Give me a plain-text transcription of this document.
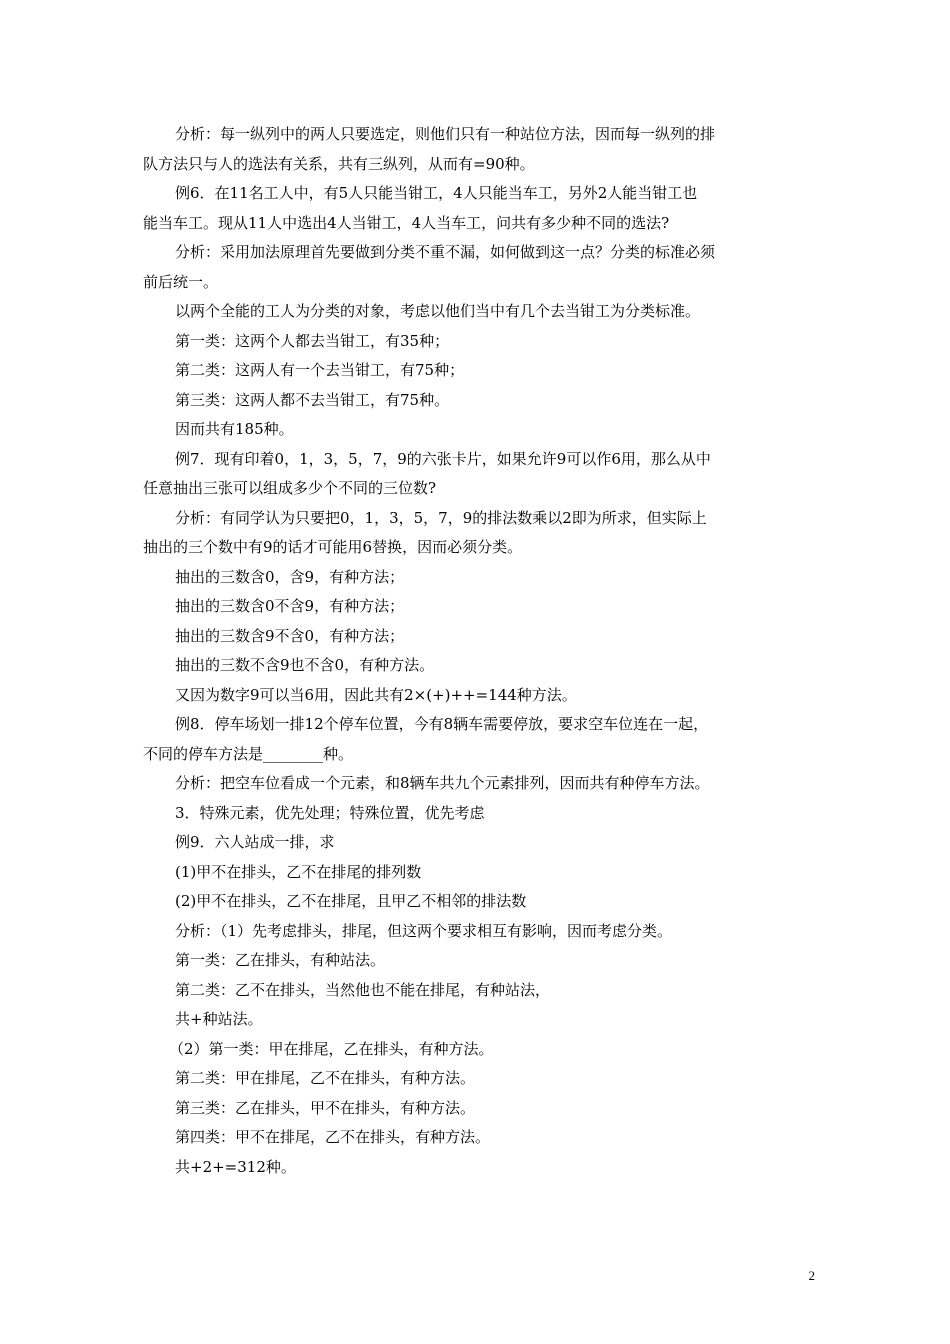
分析：每一纵列中的两人只要选定，则他们只有一种站位方法，因而每一纵列的排

队方法只与人的选法有关系，共有三纵列，从而有=90种。

例6．在11名工人中，有5人只能当钳工，4人只能当车工，另外2人能当钳工也

能当车工。现从11人中选出4人当钳工，4人当车工，问共有多少种不同的选法?

分析：采用加法原理首先要做到分类不重不漏，如何做到这一点？分类的标准必须

前后统一。

以两个全能的工人为分类的对象，考虑以他们当中有几个去当钳工为分类标准。

第一类：这两个人都去当钳工，有35种；

第二类：这两人有一个去当钳工，有75种；

第三类：这两人都不去当钳工，有75种。

因而共有185种。

例7．现有印着0，1，3，5，7，9的六张卡片，如果允许9可以作6用，那么从中

任意抽出三张可以组成多少个不同的三位数?

分析：有同学认为只要把0，1，3，5，7，9的排法数乘以2即为所求，但实际上

抽出的三个数中有9的话才可能用6替换，因而必须分类。

抽出的三数含0，含9，有种方法；

抽出的三数含0不含9，有种方法；

抽出的三数含9不含0，有种方法；

抽出的三数不含9也不含0，有种方法。

又因为数字9可以当6用，因此共有2×(+)++=144种方法。

例8．停车场划一排12个停车位置，今有8辆车需要停放，要求空车位连在一起，

不同的停车方法是________种。

分析：把空车位看成一个元素，和8辆车共九个元素排列，因而共有种停车方法。

3．特殊元素，优先处理；特殊位置，优先考虑

例9．六人站成一排，求

(1)甲不在排头，乙不在排尾的排列数

(2)甲不在排头，乙不在排尾，且甲乙不相邻的排法数

分析：（1）先考虑排头，排尾，但这两个要求相互有影响，因而考虑分类。

第一类：乙在排头，有种站法。

第二类：乙不在排头，当然他也不能在排尾，有种站法，

共+种站法。

（2）第一类：甲在排尾，乙在排头，有种方法。

第二类：甲在排尾，乙不在排头，有种方法。

第三类：乙在排头，甲不在排头，有种方法。

第四类：甲不在排尾，乙不在排头，有种方法。

共+2+=312种。

2
